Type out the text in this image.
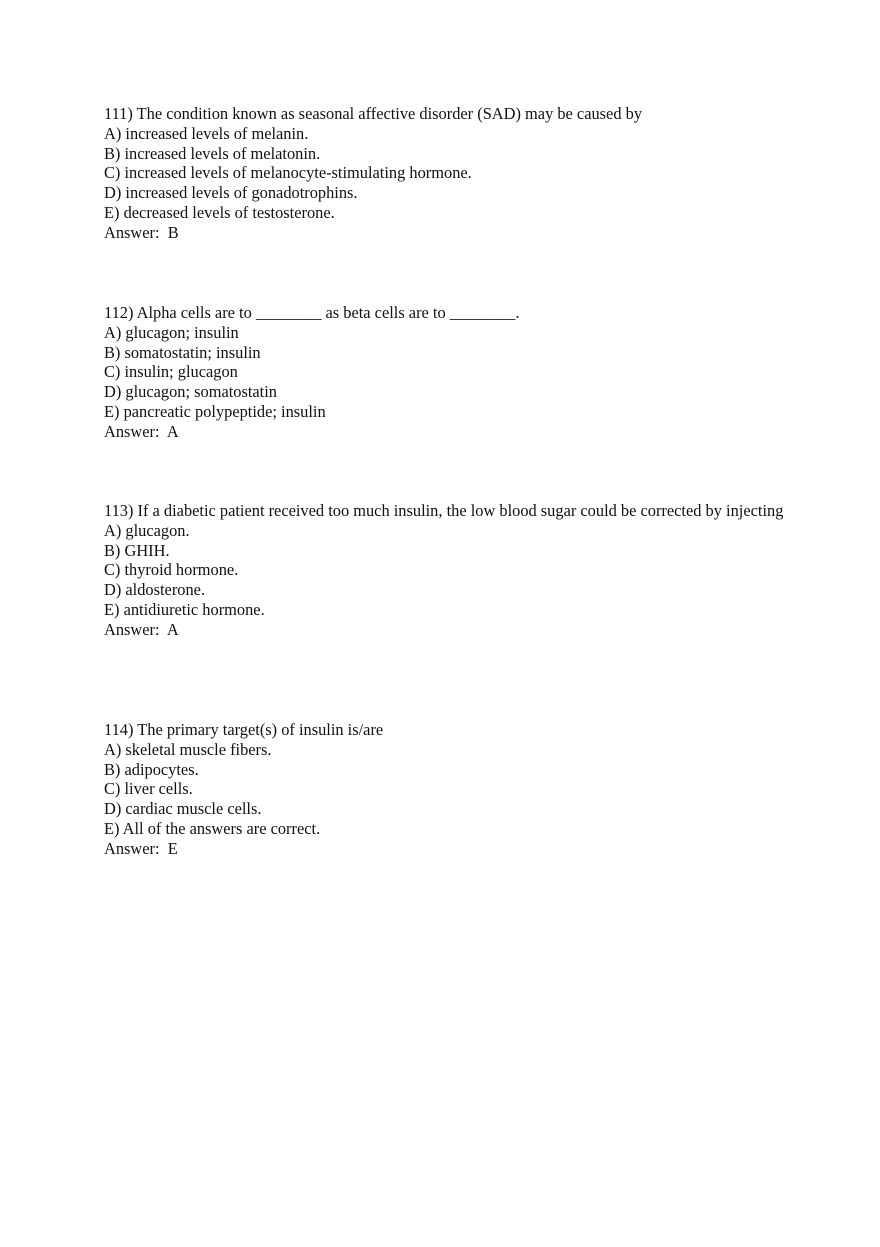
111) The condition known as seasonal affective disorder (SAD) may be caused by
A) increased levels of melanin.
B) increased levels of melatonin.
C) increased levels of melanocyte-stimulating hormone.
D) increased levels of gonadotrophins.
E) decreased levels of testosterone.
Answer:  B
112) Alpha cells are to ________ as beta cells are to ________.
A) glucagon; insulin
B) somatostatin; insulin
C) insulin; glucagon
D) glucagon; somatostatin
E) pancreatic polypeptide; insulin
Answer:  A
113) If a diabetic patient received too much insulin, the low blood sugar could be corrected by injecting
A) glucagon.
B) GHIH.
C) thyroid hormone.
D) aldosterone.
E) antidiuretic hormone.
Answer:  A
114) The primary target(s) of insulin is/are
A) skeletal muscle fibers.
B) adipocytes.
C) liver cells.
D) cardiac muscle cells.
E) All of the answers are correct.
Answer:  E
